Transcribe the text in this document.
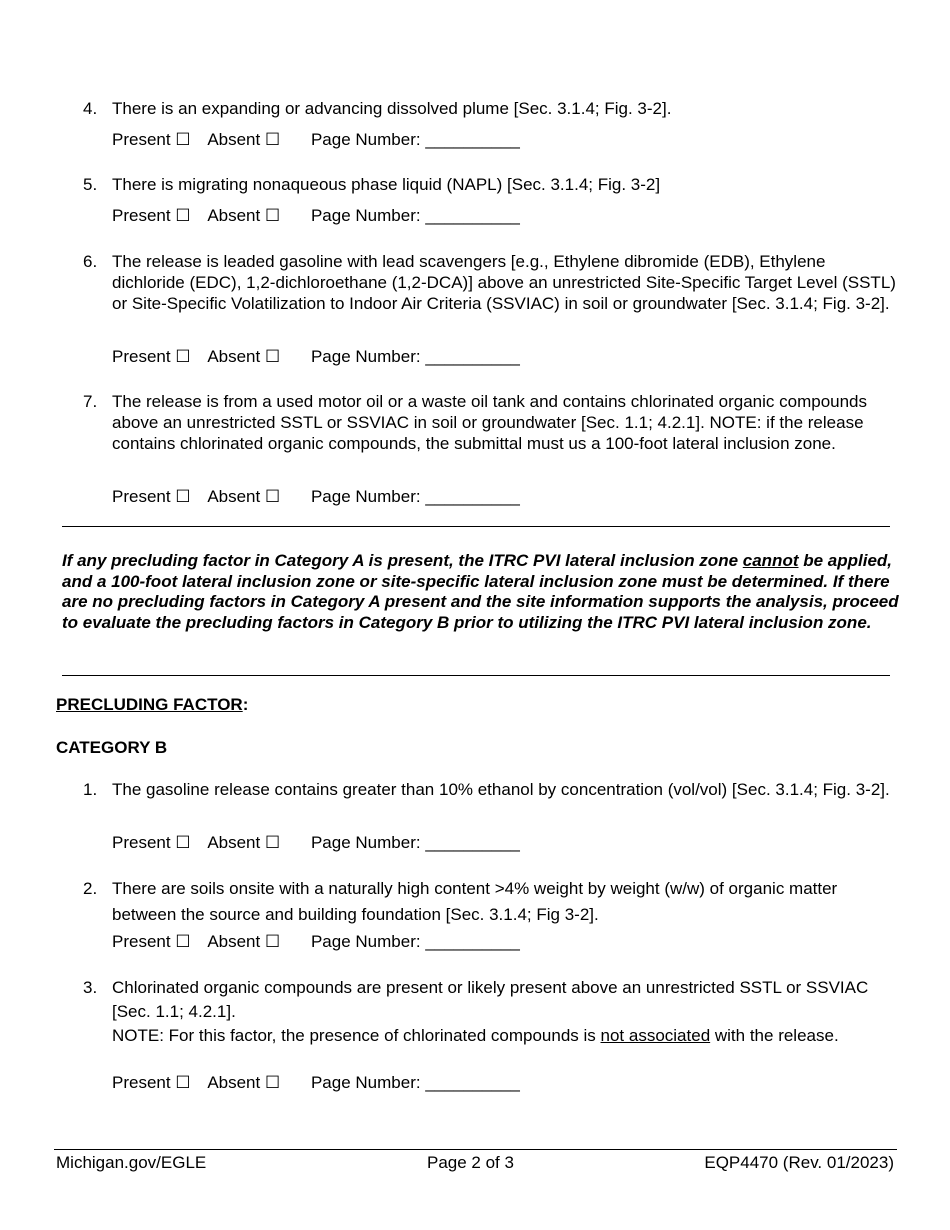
4. There is an expanding or advancing dissolved plume [Sec. 3.1.4; Fig. 3-2].
Present ☐ Absent ☐ Page Number: __________
5. There is migrating nonaqueous phase liquid (NAPL) [Sec. 3.1.4; Fig. 3-2]
Present ☐ Absent ☐ Page Number: __________
6. The release is leaded gasoline with lead scavengers [e.g., Ethylene dibromide (EDB), Ethylene dichloride (EDC), 1,2-dichloroethane (1,2-DCA)] above an unrestricted Site-Specific Target Level (SSTL) or Site-Specific Volatilization to Indoor Air Criteria (SSVIAC) in soil or groundwater [Sec. 3.1.4; Fig. 3-2].
Present ☐ Absent ☐ Page Number: __________
7. The release is from a used motor oil or a waste oil tank and contains chlorinated organic compounds above an unrestricted SSTL or SSVIAC in soil or groundwater [Sec. 1.1; 4.2.1]. NOTE: if the release contains chlorinated organic compounds, the submittal must us a 100-foot lateral inclusion zone.
Present ☐ Absent ☐ Page Number: __________
If any precluding factor in Category A is present, the ITRC PVI lateral inclusion zone cannot be applied, and a 100-foot lateral inclusion zone or site-specific lateral inclusion zone must be determined. If there are no precluding factors in Category A present and the site information supports the analysis, proceed to evaluate the precluding factors in Category B prior to utilizing the ITRC PVI lateral inclusion zone.
PRECLUDING FACTOR:
CATEGORY B
1. The gasoline release contains greater than 10% ethanol by concentration (vol/vol) [Sec. 3.1.4; Fig. 3-2].
Present ☐ Absent ☐ Page Number: __________
2. There are soils onsite with a naturally high content >4% weight by weight (w/w) of organic matter between the source and building foundation [Sec. 3.1.4; Fig 3-2].
Present ☐ Absent ☐ Page Number: __________
3. Chlorinated organic compounds are present or likely present above an unrestricted SSTL or SSVIAC [Sec. 1.1; 4.2.1].
NOTE: For this factor, the presence of chlorinated compounds is not associated with the release.
Present ☐ Absent ☐ Page Number: __________
Michigan.gov/EGLE	Page 2 of 3	EQP4470 (Rev. 01/2023)
